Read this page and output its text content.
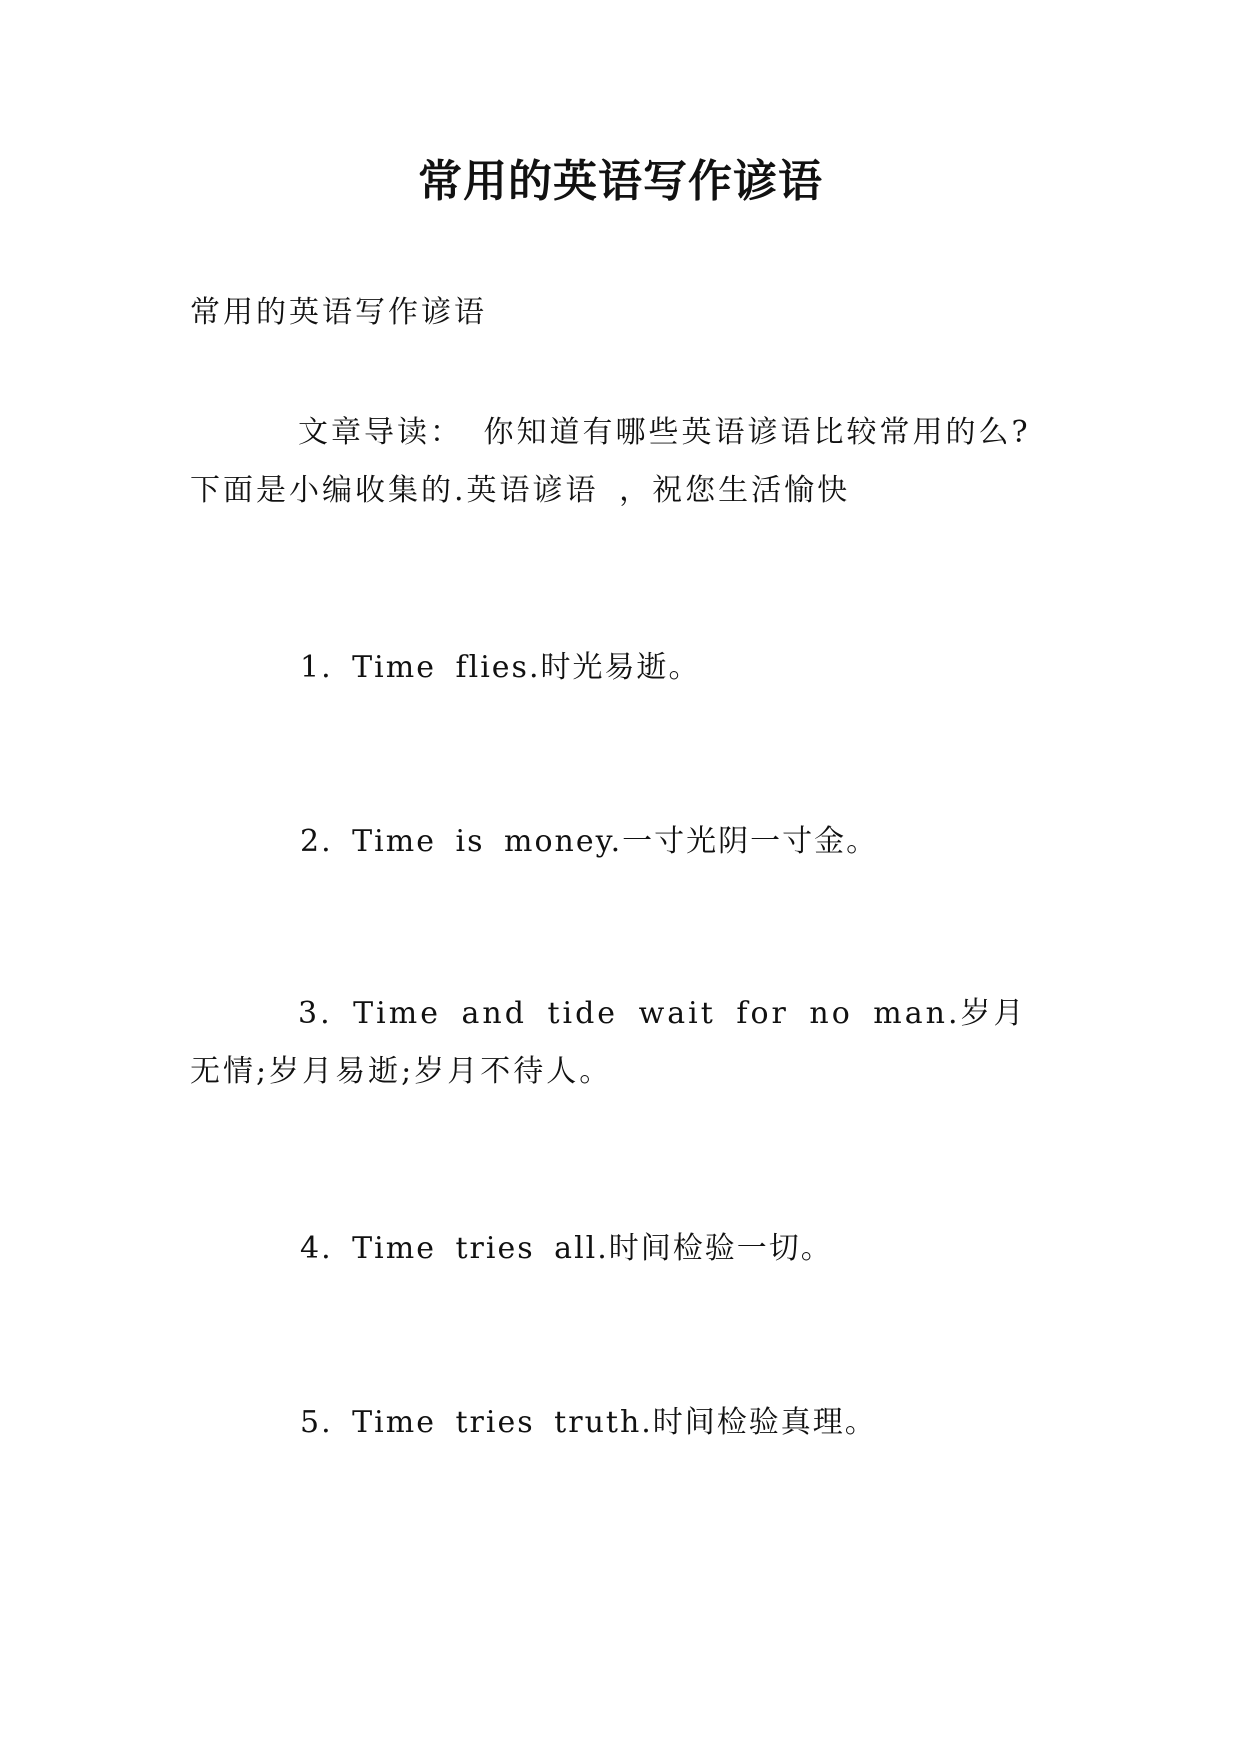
常用的英语写作谚语
常用的英语写作谚语
文章导读： 你知道有哪些英语谚语比较常用的么?下面是小编收集的.英语谚语 ，祝您生活愉快
1. Time flies.时光易逝。
2. Time is money.一寸光阴一寸金。
3. Time and tide wait for no man.岁月无情;岁月易逝;岁月不待人。
4. Time tries all.时间检验一切。
5. Time tries truth.时间检验真理。
